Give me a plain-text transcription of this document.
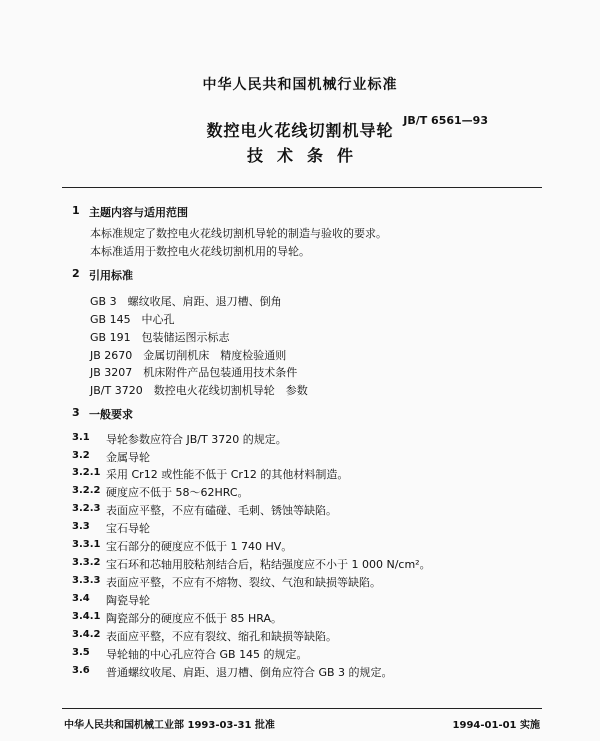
中华人民共和国机械行业标准
数控电火花线切割机导轮
技术条件
JB/T 6561—93
1 主题内容与适用范围
本标准规定了数控电火花线切割机导轮的制造与验收的要求。
本标准适用于数控电火花线切割机用的导轮。
2 引用标准
GB 3　螺纹收尾、肩距、退刀槽、倒角
GB 145　中心孔
GB 191　包装储运图示标志
JB 2670　金属切削机床　精度检验通则
JB 3207　机床附件产品包装通用技术条件
JB/T 3720　数控电火花线切割机导轮　参数
3 一般要求
3.1 导轮参数应符合 JB/T 3720 的规定。
3.2 金属导轮
3.2.1 采用 Cr12 或性能不低于 Cr12 的其他材料制造。
3.2.2 硬度应不低于 58～62HRC。
3.2.3 表面应平整，不应有磕碰、毛刺、锈蚀等缺陷。
3.3 宝石导轮
3.3.1 宝石部分的硬度应不低于 1 740 HV。
3.3.2 宝石环和芯轴用胶粘剂结合后，粘结强度应不小于 1 000 N/cm²。
3.3.3 表面应平整，不应有不熔物、裂纹、气泡和缺损等缺陷。
3.4 陶瓷导轮
3.4.1 陶瓷部分的硬度应不低于 85 HRA。
3.4.2 表面应平整，不应有裂纹、缩孔和缺损等缺陷。
3.5 导轮轴的中心孔应符合 GB 145 的规定。
3.6 普通螺纹收尾、肩距、退刀槽、倒角应符合 GB 3 的规定。
中华人民共和国机械工业部 1993-03-31 批准	1994-01-01 实施
